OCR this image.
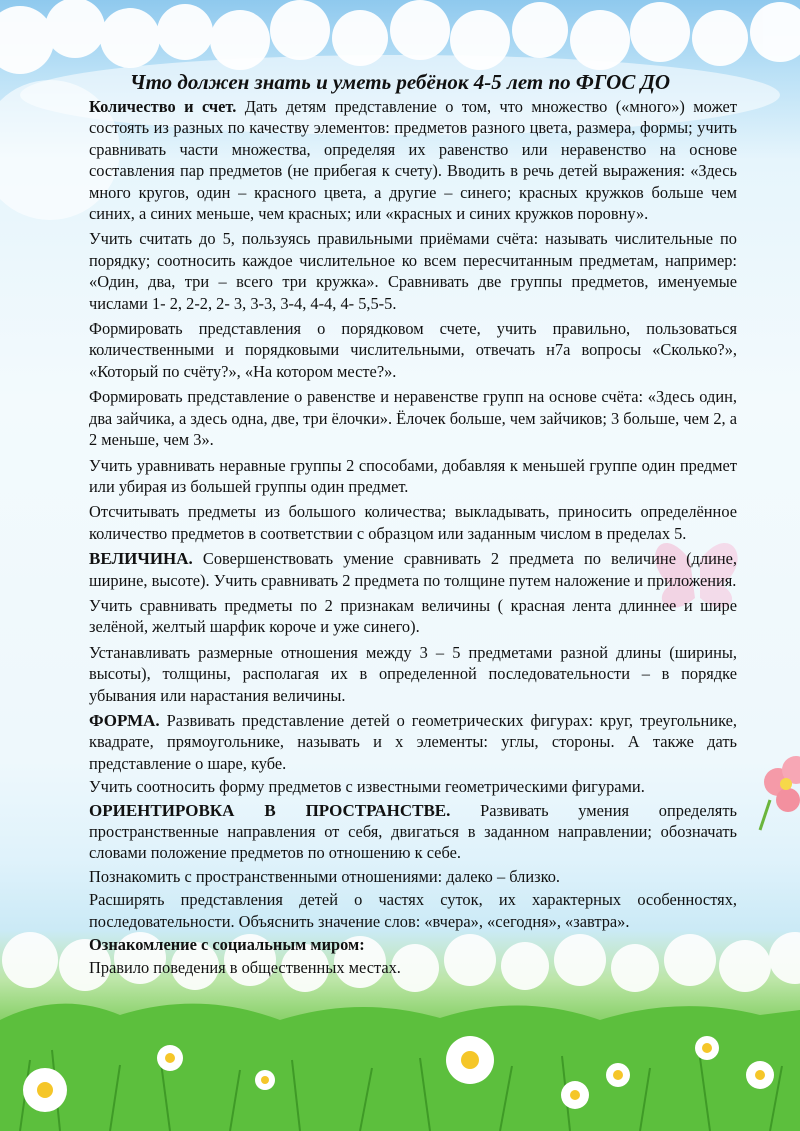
Что должен знать и уметь ребёнок 4-5 лет по ФГОС ДО

Количество и счет. Дать детям представление о том, что множество («много») может состоять из разных по качеству элементов: предметов разного цвета, размера, формы; учить сравнивать части множества, определяя их равенство или неравенство на основе составления пар предметов (не прибегая к счету). Вводить в речь детей выражения: «Здесь много кругов, один – красного цвета, а другие – синего; красных кружков больше чем синих, а синих меньше, чем красных; или «красных и синих кружков поровну».

Учить считать до 5, пользуясь правильными приёмами счёта: называть числительные по порядку; соотносить каждое числительное ко всем пересчитанным предметам, например: «Один, два, три – всего три кружка». Сравнивать две группы предметов, именуемые числами 1- 2, 2-2, 2- 3, 3-3, 3-4, 4-4, 4- 5,5-5.

Формировать представления о порядковом счете, учить правильно, пользоваться количественными и порядковыми числительными, отвечать н7а вопросы «Сколько?», «Который по счёту?», «На котором месте?».

Формировать представление о равенстве и неравенстве групп на основе счёта: «Здесь один, два зайчика, а здесь одна, две, три ёлочки». Ёлочек больше, чем зайчиков; 3 больше, чем 2, а 2 меньше, чем 3».

Учить уравнивать неравные группы 2 способами, добавляя к меньшей группе один предмет или убирая из большей группы один предмет.

Отсчитывать предметы из большого количества; выкладывать, приносить определённое количество предметов в соответствии с образцом или заданным числом в пределах 5.

ВЕЛИЧИНА. Совершенствовать умение сравнивать 2 предмета по величине (длине, ширине, высоте). Учить сравнивать 2 предмета по толщине путем наложение и приложения.

Учить сравнивать предметы по 2 признакам величины ( красная лента длиннее и шире зелёной, желтый шарфик короче и уже синего).

Устанавливать размерные отношения между 3 – 5 предметами разной длины (ширины, высоты), толщины, располагая их в определенной последовательности – в порядке убывания или нарастания величины.

ФОРМА. Развивать представление детей о геометрических фигурах: круг, треугольнике, квадрате, прямоугольнике, называть и х элементы: углы, стороны. А также дать представление о шаре, кубе.

Учить соотносить форму предметов с известными геометрическими фигурами.

ОРИЕНТИРОВКА В ПРОСТРАНСТВЕ. Развивать умения определять пространственные направления от себя, двигаться в заданном направлении; обозначать словами положение предметов по отношению к себе.

Познакомить с пространственными отношениями: далеко – близко.

Расширять представления детей о частях суток, их характерных особенностях, последовательности. Объяснить значение слов: «вчера», «сегодня», «завтра».

Ознакомление с социальным миром:

Правило поведения в общественных местах.
